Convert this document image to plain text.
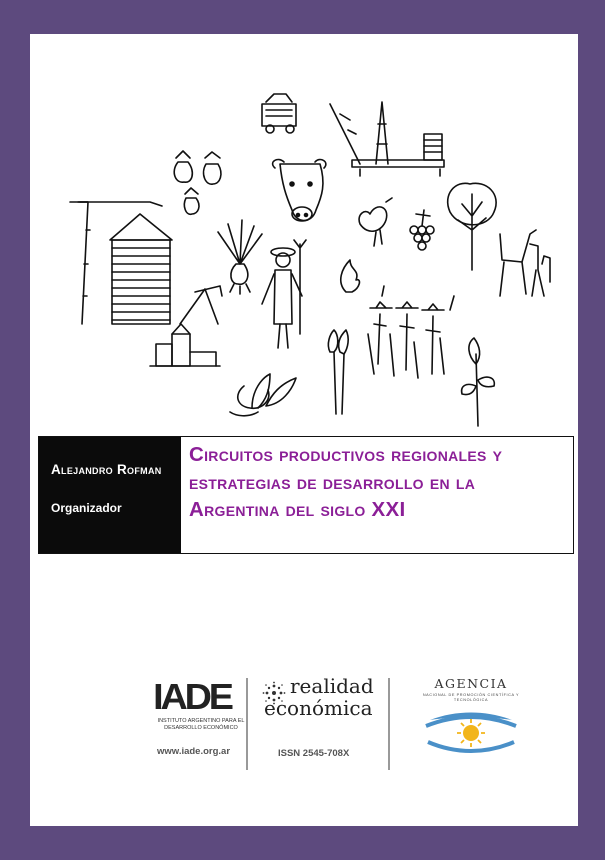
Alejandro Rofman
Organizador
Circuitos productivos regionales y estrategias de desarrollo en la Argentina del siglo XXI
IADE
INSTITUTO ARGENTINO PARA EL DESARROLLO ECONÓMICO
www.iade.org.ar
realidad
económica
ISSN 2545-708X
AGENCIA
NACIONAL DE PROMOCIÓN CIENTÍFICA Y TECNOLÓGICA
